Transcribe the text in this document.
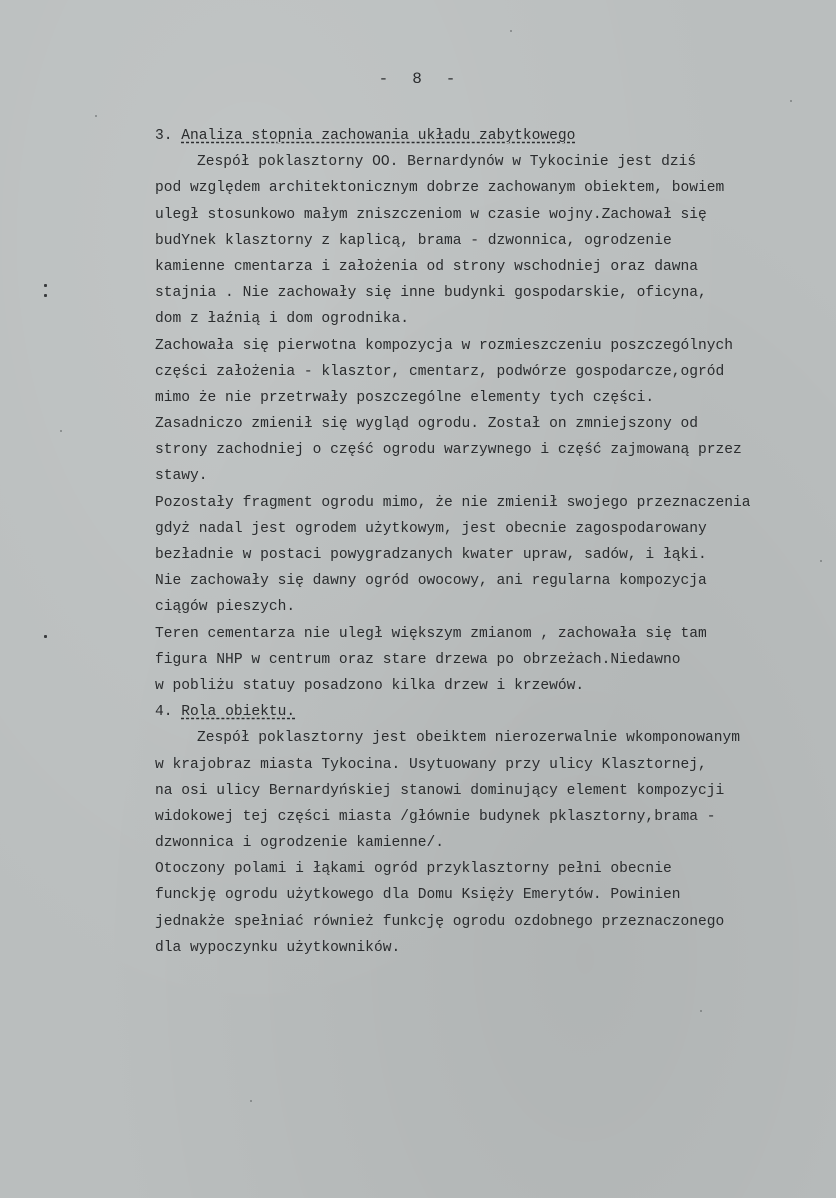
- 8 -
3. Analiza stopnia zachowania układu zabytkowego
Zespół poklasztorny OO. Bernardynów w Tykocinie jest dziś
pod względem architektonicznym dobrze zachowanym obiektem, bowiem
uległ stosunkowo małym zniszczeniom w czasie wojny.Zachował się
budYnek klasztorny z kaplicą, brama - dzwonnica, ogrodzenie
kamienne cmentarza i założenia od strony wschodniej oraz dawna
stajnia . Nie zachowały się inne budynki gospodarskie, oficyna,
dom z łaźnią i dom ogrodnika.
Zachowała się pierwotna kompozycja w rozmieszczeniu poszczególnych
części założenia - klasztor, cmentarz, podwórze gospodarcze,ogród
mimo że nie przetrwały poszczególne elementy tych części.
Zasadniczo zmienił się wygląd ogrodu. Został on zmniejszony od
strony zachodniej o część ogrodu warzywnego i część zajmowaną przez
stawy.
Pozostały fragment ogrodu mimo, że nie zmienił swojego przeznaczenia
gdyż nadal jest ogrodem użytkowym, jest obecnie zagospodarowany
bezładnie w postaci powygradzanych kwater upraw, sadów, i łąki.
Nie zachowały się dawny ogród owocowy, ani regularna kompozycja
ciągów pieszych.
Teren cementarza nie uległ większym zmianom , zachowała się tam
figura NHP w centrum oraz stare drzewa po obrzeżach.Niedawno
w pobliżu statuy posadzono kilka drzew i krzewów.
4. Rola obiektu.
Zespół poklasztorny jest obeiktem nierozerwalnie wkomponowanym
w krajobraz miasta Tykocina. Usytuowany przy ulicy Klasztornej,
na osi ulicy Bernardyńskiej stanowi dominujący element kompozycji
widokowej tej części miasta /głównie budynek pklasztorny,brama -
dzwonnica i ogrodzenie kamienne/.
Otoczony polami i łąkami ogród przyklasztorny pełni obecnie
funckję ogrodu użytkowego dla Domu Księży Emerytów. Powinien
jednakże spełniać również funkcję ogrodu ozdobnego przeznaczonego
dla wypoczynku użytkowników.
